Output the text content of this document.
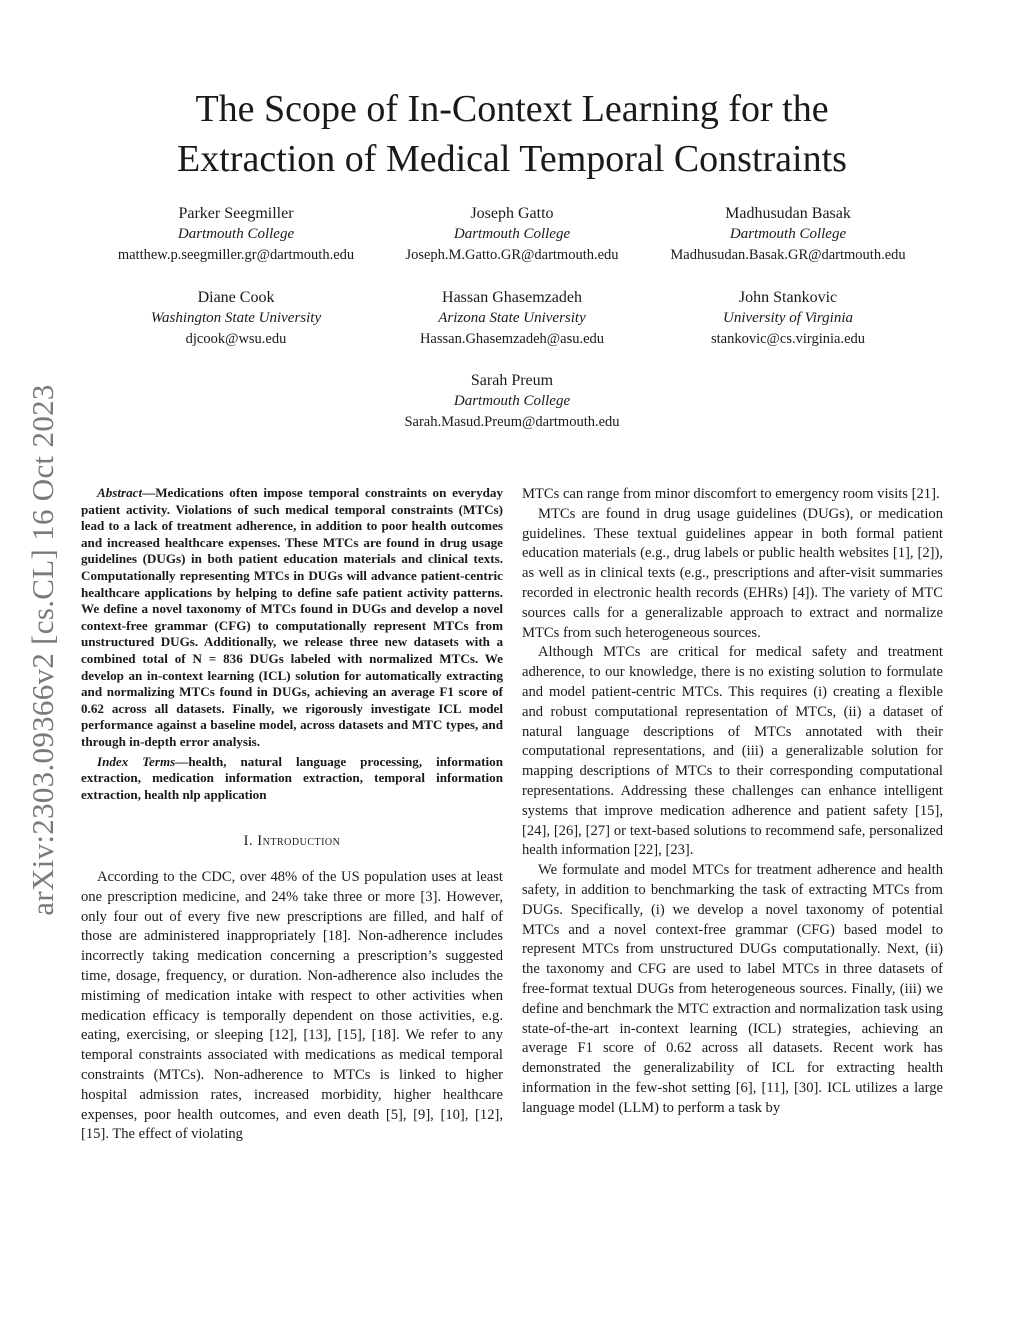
arXiv:2303.09366v2 [cs.CL] 16 Oct 2023
The Scope of In-Context Learning for the
Extraction of Medical Temporal Constraints
Parker Seegmiller
Dartmouth College
matthew.p.seegmiller.gr@dartmouth.edu
Joseph Gatto
Dartmouth College
Joseph.M.Gatto.GR@dartmouth.edu
Madhusudan Basak
Dartmouth College
Madhusudan.Basak.GR@dartmouth.edu
Diane Cook
Washington State University
djcook@wsu.edu
Hassan Ghasemzadeh
Arizona State University
Hassan.Ghasemzadeh@asu.edu
John Stankovic
University of Virginia
stankovic@cs.virginia.edu
Sarah Preum
Dartmouth College
Sarah.Masud.Preum@dartmouth.edu

Abstract—Medications often impose temporal constraints on everyday patient activity. Violations of such medical temporal constraints (MTCs) lead to a lack of treatment adherence, in addition to poor health outcomes and increased healthcare expenses. These MTCs are found in drug usage guidelines (DUGs) in both patient education materials and clinical texts. Computationally representing MTCs in DUGs will advance patient-centric healthcare applications by helping to define safe patient activity patterns. We define a novel taxonomy of MTCs found in DUGs and develop a novel context-free grammar (CFG) to computationally represent MTCs from unstructured DUGs. Additionally, we release three new datasets with a combined total of N = 836 DUGs labeled with normalized MTCs. We develop an in-context learning (ICL) solution for automatically extracting and normalizing MTCs found in DUGs, achieving an average F1 score of 0.62 across all datasets. Finally, we rigorously investigate ICL model performance against a baseline model, across datasets and MTC types, and through in-depth error analysis.

Index Terms—health, natural language processing, information extraction, medication information extraction, temporal information extraction, health nlp application

I. Introduction

According to the CDC, over 48% of the US population uses at least one prescription medicine, and 24% take three or more [3]. However, only four out of every five new prescriptions are filled, and half of those are administered inappropriately [18]. Non-adherence includes incorrectly taking medication concerning a prescription’s suggested time, dosage, frequency, or duration. Non-adherence also includes the mistiming of medication intake with respect to other activities when medication efficacy is temporally dependent on those activities, e.g. eating, exercising, or sleeping [12], [13], [15], [18]. We refer to any temporal constraints associated with medications as medical temporal constraints (MTCs). Non-adherence to MTCs is linked to higher hospital admission rates, increased morbidity, higher healthcare expenses, poor health outcomes, and even death [5], [9], [10], [12], [15]. The effect of violating

MTCs can range from minor discomfort to emergency room visits [21].

MTCs are found in drug usage guidelines (DUGs), or medication guidelines. These textual guidelines appear in both formal patient education materials (e.g., drug labels or public health websites [1], [2]), as well as in clinical texts (e.g., prescriptions and after-visit summaries recorded in electronic health records (EHRs) [4]). The variety of MTC sources calls for a generalizable approach to extract and normalize MTCs from such heterogeneous sources.

Although MTCs are critical for medical safety and treatment adherence, to our knowledge, there is no existing solution to formulate and model patient-centric MTCs. This requires (i) creating a flexible and robust computational representation of MTCs, (ii) a dataset of natural language descriptions of MTCs annotated with their computational representations, and (iii) a generalizable solution for mapping descriptions of MTCs to their corresponding computational representations. Addressing these challenges can enhance intelligent systems that improve medication adherence and patient safety [15], [24], [26], [27] or text-based solutions to recommend safe, personalized health information [22], [23].

We formulate and model MTCs for treatment adherence and health safety, in addition to benchmarking the task of extracting MTCs from DUGs. Specifically, (i) we develop a novel taxonomy of potential MTCs and a novel context-free grammar (CFG) based model to represent MTCs from unstructured DUGs computationally. Next, (ii) the taxonomy and CFG are used to label MTCs in three datasets of free-format textual DUGs from heterogeneous sources. Finally, (iii) we define and benchmark the MTC extraction and normalization task using state-of-the-art in-context learning (ICL) strategies, achieving an average F1 score of 0.62 across all datasets. Recent work has demonstrated the generalizability of ICL for extracting health information in the few-shot setting [6], [11], [30]. ICL utilizes a large language model (LLM) to perform a task by
